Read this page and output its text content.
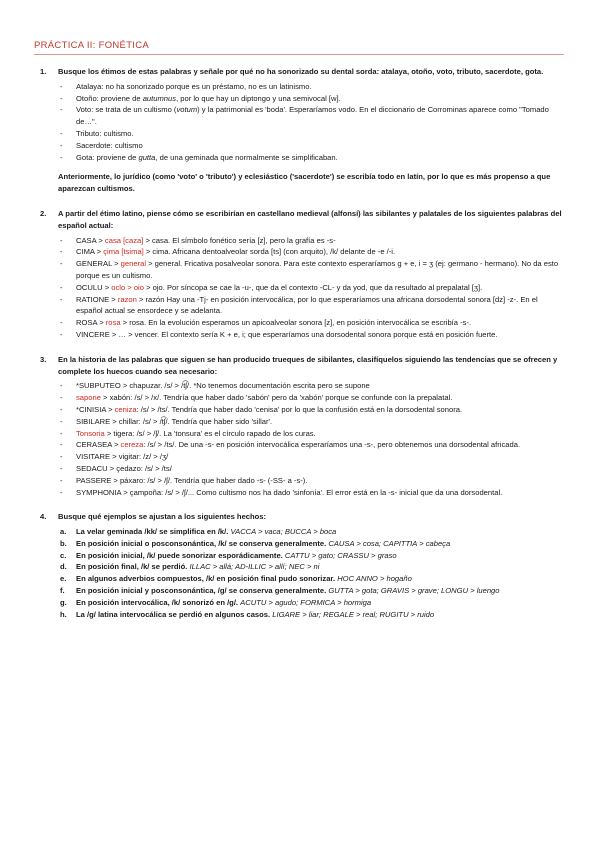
PRÁCTICA II: FONÉTICA
1. Busque los étimos de estas palabras y señale por qué no ha sonorizado su dental sorda: atalaya, otoño, voto, tributo, sacerdote, gota.
- Atalaya: no ha sonorizado porque es un préstamo, no es un latinismo.
- Otoño: proviene de autumnus, por lo que hay un diptongo y una semivocal [w].
- Voto: se trata de un cultismo (votum) y la patrimonial es 'boda'. Esperaríamos vodo. En el diccionario de Corrominas aparece como "Tomado de…".
- Tributo: cultismo.
- Sacerdote: cultismo
- Gota: proviene de gutta, de una geminada que normalmente se simplificaban.
Anteriormente, lo jurídico (como 'voto' o 'tributo') y eclesiástico ('sacerdote') se escribía todo en latín, por lo que es más propenso a que aparezcan cultismos.
2. A partir del étimo latino, piense cómo se escribirían en castellano medieval (alfonsí) las sibilantes y palatales de los siguientes palabras del español actual:
- CASA > casa [caza] > casa. El símbolo fonético sería [z], pero la grafía es -s-
- CIMA > çima [tsima] > cima. Africana dentoalveolar sorda [ts] (con arquito), /k/ delante de -e /-i.
- GENERAL > general > general. Fricativa posalveolar sonora. Para este contexto esperaríamos g + e, i = ʒ (ej: germano - hermano). No da esto porque es un cultismo.
- OCULU > oclo > oio > ojo. Por síncopa se cae la -u-, que da el contexto -CL- y da yod, que da resultado al prepalatal [ʒ].
- RATIONE > razon > razón Hay una -Tj- en posición intervocálica, por lo que esperaríamos una africana dorsodental sonora [dz] -z-. En el español actual se ensordece y se adelanta.
- ROSA > rosa > rosa. En la evolución esperamos un apicoalveolar sonora [z], en posición intervocálica se escribía -s-.
- VINCERE > … > vencer. El contexto sería K + e, i; que esperaríamos una dorsodental sonora porque está en posición fuerte.
3. En la historia de las palabras que siguen se han producido trueques de sibilantes, clasifíquelos siguiendo las tendencias que se ofrecen y complete los huecos cuando sea necesario:
- *SUBPUTEO > chapuzar. /s/ > /t͡ʃ/. *No tenemos documentación escrita pero se supone
- sapone > xabón: /s/ > /x/. Tendría que haber dado 'sabón' pero da 'xabón' porque se confunde con la prepalatal.
- *CINISIA > ceniza: /s/ > /ts/. Tendría que haber dado 'cenisa' por lo que la confusión está en la dorsodental sonora.
- SIBILARE > chillar: /s/ > /t͡ʃ/. Tendría que haber sido 'sillar'.
- Tonsoria > tigera: /s/ > /ʃ/. La 'tonsura' es el círculo rapado de los curas.
- CERASEA > cereza: /s/ > /ts/. De una -s- en posición intervocálica esperaríamos una -s-, pero obtenemos una dorsodental africada.
- VISITARE > vigitar: /z/ > /ʒ/
- SEDACU > çedazo: /s/ > /ts/
- PASSERE > páxaro: /s/ > /ʃ/. Tendría que haber dado -s- (-SS- a -s-).
- SYMPHONIA > çampoña: /s/ > /ʃ/... Como cultismo nos ha dado 'sinfonía'. El error está en la -s- inicial que da una dorsodental.
4. Busque qué ejemplos se ajustan a los siguientes hechos:
a. La velar geminada /kk/ se simplifica en /k/. VACCA > vaca; BUCCA > boca
b. En posición inicial o posconsonántica, /k/ se conserva generalmente. CAUSA > cosa; CAPITTIA > cabeça
c. En posición inicial, /k/ puede sonorizar esporádicamente. CATTU > gato; CRASSU > graso
d. En posición final, /k/ se perdió. ILLAC > allá; AD-ILLIC > allí; NEC > ni
e. En algunos adverbios compuestos, /k/ en posición final pudo sonorizar. HOC ANNO > hogaño
f. En posición inicial y posconsonántica, /g/ se conserva generalmente. GUTTA > gota; GRAVIS > grave; LONGU > luengo
g. En posición intervocálica, /k/ sonorizó en /g/. ACUTU > agudo; FORMICA > hormiga
h. La /g/ latina intervocálica se perdió en algunos casos. LIGARE > liar; REGALE > real; RUGITU > ruido
